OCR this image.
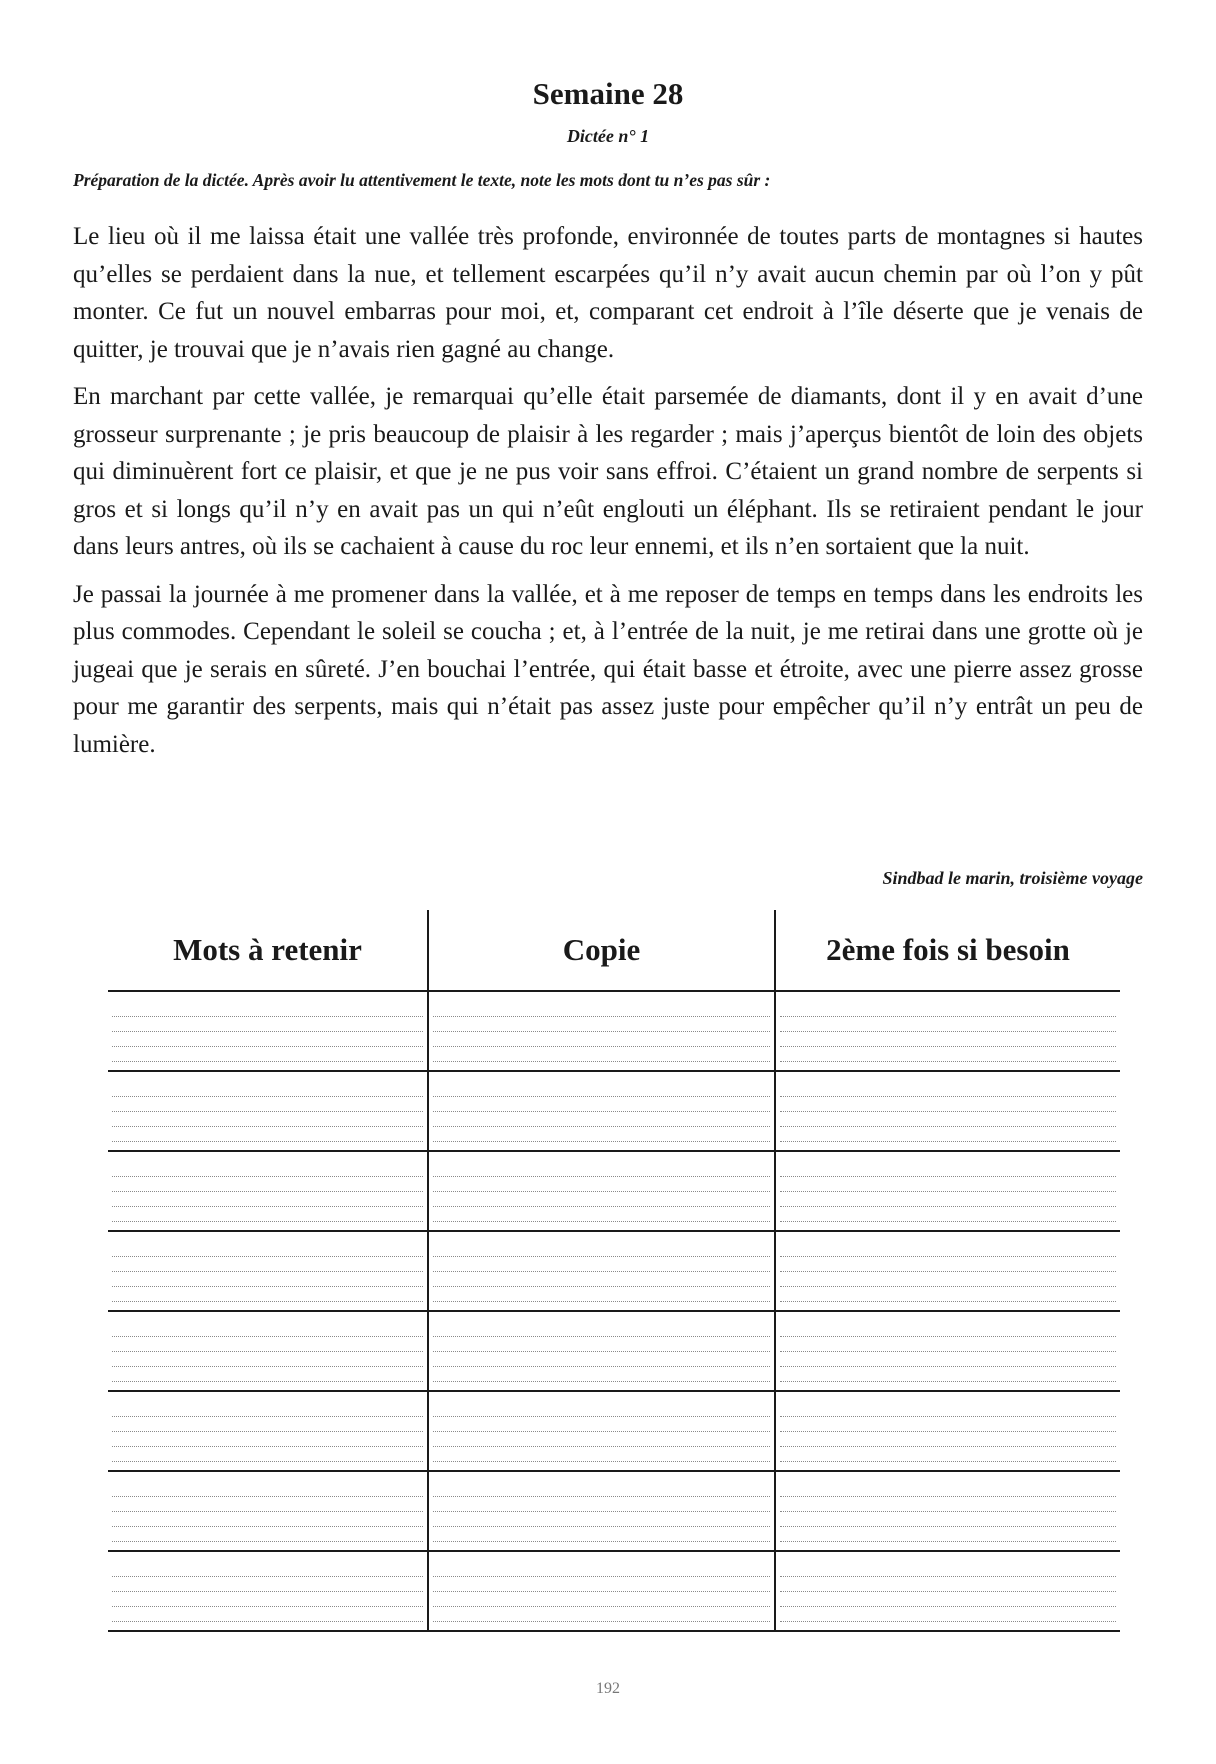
Semaine 28
Dictée n° 1
Préparation de la dictée. Après avoir lu attentivement le texte, note les mots dont tu n’es pas sûr :

Le lieu où il me laissa était une vallée très profonde, environnée de toutes parts de montagnes si hautes qu’elles se perdaient dans la nue, et tellement escarpées qu’il n’y avait aucun chemin par où l’on y pût monter. Ce fut un nouvel embarras pour moi, et, comparant cet endroit à l’île déserte que je venais de quitter, je trouvai que je n’avais rien gagné au change.

En marchant par cette vallée, je remarquai qu’elle était parsemée de diamants, dont il y en avait d’une grosseur surprenante ; je pris beaucoup de plaisir à les regarder ; mais j’aperçus bientôt de loin des objets qui diminuèrent fort ce plaisir, et que je ne pus voir sans effroi. C’étaient un grand nombre de serpents si gros et si longs qu’il n’y en avait pas un qui n’eût englouti un éléphant. Ils se retiraient pendant le jour dans leurs antres, où ils se cachaient à cause du roc leur ennemi, et ils n’en sortaient que la nuit.

Je passai la journée à me promener dans la vallée, et à me reposer de temps en temps dans les endroits les plus commodes. Cependant le soleil se coucha ; et, à l’entrée de la nuit, je me retirai dans une grotte où je jugeai que je serais en sûreté. J’en bouchai l’entrée, qui était basse et étroite, avec une pierre assez grosse pour me garantir des serpents, mais qui n’était pas assez juste pour empêcher qu’il n’y entrât un peu de lumière.

Sindbad le marin, troisième voyage
Mots à retenir	Copie	2ème fois si besoin
192
